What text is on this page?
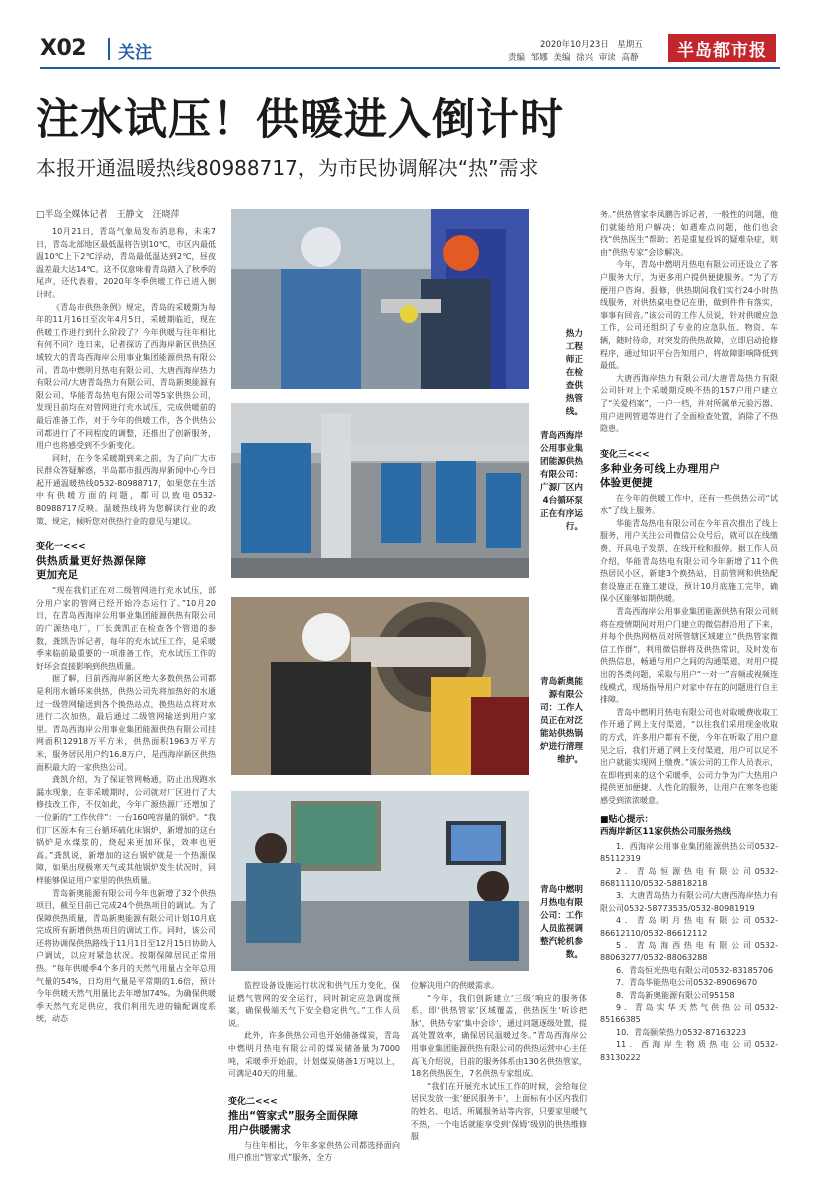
X02 关注	2020年10月23日　星期五
责编 邹娜 美编 徐兴 审读 高静	半岛都市报
注水试压！供暖进入倒计时
本报开通温暖热线80988717，为市民协调解决“热”需求
□半岛全媒体记者　王静文　汪晓萍

10月21日，青岛气象局发布消息称，未来7日，青岛北部地区最低温将告别10℃，市区内最低温10℃上下2℃浮动，青岛最低温达到2℃，昼夜温差最大达14℃。这不仅意味着青岛踏入了秋季的尾声，还代表着，2020年冬季供暖工作已进入倒计时。

《青岛市供热条例》规定，青岛的采暖期为每年的11月16日至次年4月5日，采暖期临近，现在供暖工作进行到什么阶段了？今年供暖与往年相比有何不同？连日来，记者探访了西海岸新区供热区域较大的青岛西海岸公用事业集团能源供热有限公司、青岛中燃明月热电有限公司、大唐西海岸热力有限公司/大唐青岛热力有限公司、青岛新奥能源有限公司、华能青岛热电有限公司等5家供热公司，发现目前均在对管网进行充水试压，完成供暖前的最后准备工作，对于今年的供暖工作，各个供热公司都进行了不同程度的调整，还推出了创新服务，用户也将感受到不少新变化。

同时，在今冬采暖期到来之前，为了向广大市民群众答疑解惑，半岛都市报西海岸新闻中心今日起开通温暖热线0532-80988717，如果您在生活中有供暖方面的问题，都可以致电0532-80988717反映。温暖热线将为您解读行业的政策、规定，倾听您对供热行业的意见与建议。

变化一<<<
供热质量更好热源保障更加充足

“现在我们正在对二级管网进行充水试压，部分用户家的管网已经开始冷态运行了。”10月20日，在青岛西海岸公用事业集团能源供热有限公司的广源热电厂，厂长龚凯正在检查各个管道的参数，龚凯告诉记者，每年的充水试压工作，是采暖季来临前最重要的一项准备工作，充水试压工作的好坏会直接影响到供热质量。

据了解，目前西海岸新区绝大多数供热公司都是利用水循环来供热，供热公司先将加热好的水通过一级管网输送到各个换热站点，换热站点将对水进行二次加热，最后通过二级管网输送到用户家里。青岛西海岸公用事业集团能源供热有限公司挂网面积12918万平方米，供热面积1963万平方米，服务居民用户约16.8万户，是西海岸新区供热面积最大的一家供热公司。

龚凯介绍，为了保证管网畅通，防止出现跑水漏水现象，在非采暖期时，公司就对厂区进行了大修技改工作，不仅如此，今年广源热源厂还增加了一位新的“工作伙伴”：一台160吨容量的锅炉。“我们厂区原本有三台循环硫化床锅炉，新增加的这台锅炉是水煤浆的，烧起来更加环保，效率也更高。”龚凯说，新增加的这台锅炉就是一个热源保障，如果出现极寒天气或其他锅炉发生状况时，同样能够保证用户家里的供热质量。

青岛新奥能源有限公司今年也新增了32个供热项目，截至目前已完成24个供热项目的调试。为了保障供热质量，青岛新奥能源有限公司计划10月底完成所有新增供热项目的调试工作。同时，该公司还将协调保供热路线于11月1日至12月15日协助入户调试，以应对紧急状况。按期保障居民正常用热。“每年供暖季4个多月的天然气用量占全年总用气量的54%，日均用气量是平常期的1.6倍，预计今年供暖天然气用量比去年增加74%。为确保供暖季天然气充足供应，我们利用先进的输配调度系统，动态

热力工程师正在检查供热管线。
青岛西海岸公用事业集团能源供热有限公司：广源厂区内4台循环泵正在有序运行。
青岛新奥能源有限公司：工作人员正在对泛能站供热锅炉进行清理维护。
青岛中燃明月热电有限公司：工作人员监视调整汽轮机参数。

监控设备设施运行状况和供气压力变化，保证燃气管网的安全运行，同时制定应急调度预案，确保极端天气下安全稳定供气。”工作人员说。

此外，许多供热公司也开始储备煤炭，青岛中燃明月热电有限公司的煤炭储备量为7000吨，采暖季开始前，计划煤炭储备1万吨以上，可满足40天的用量。

变化二<<<
推出“管家式”服务全面保障用户供暖需求

与往年相比，今年多家供热公司都选择面向用户推出“管家式”服务，全方

位解决用户的供暖需求。

“今年，我们创新建立‘三级’响应的服务体系，即‘供热管家’区域覆盖，供热医生‘听诊把脉’，供热专家‘集中会诊’，通过问题逐级处置，提高处置效率，确保居民温暖过冬。”青岛西海岸公用事业集团能源供热有限公司的供热运营中心主任高飞介绍说，目前的服务体系由130名供热管家，18名供热医生，7名供热专家组成。

“我们在开展充水试压工作的时候，会给每位居民发放一张‘便民服务卡’，上面标有小区内我们的姓名、电话、所属服务站等内容，只要家里暖气不热，一个电话就能享受到‘保姆’级别的供热维修服

务。”供热管家李凤鹏告诉记者，一般性的问题，他们就能给用户解决；如遇难点问题，他们也会找“供热医生”帮助；若是重复投诉的疑难杂症，则由“供热专家”会诊解决。

今年，青岛中燃明月热电有限公司还设立了客户服务大厅，为更多用户提供便捷服务。“为了方便用户咨询、报修，供热期间我们实行24小时热线服务，对供热桌电登记在册，做到件件有落实，事事有回音。”该公司的工作人员说，针对供暖应急工作，公司还组织了专业的应急队伍、物资、车辆，随时待命，对突发的供热故障，立即启动抢修程序，通过知识平台告知用户，将故障影响降低到最低。

大唐西海岸热力有限公司/大唐青岛热力有限公司针对上个采暖期反映不热的157户用户建立了“关爱档案”，一户一档，并对所属单元验污器、用户进网管道等进行了全面检查处置，消除了不热隐患。

变化三<<<
多种业务可线上办理用户体验更便捷

在今年的供暖工作中，还有一些供热公司“试水”了线上服务。

华能青岛热电有限公司在今年首次推出了线上服务，用户关注公司微信公众号后，就可以在线缴费、开具电子发票、在线开栓和报停。据工作人员介绍，华能青岛热电有限公司今年新增了11个供热居民小区，新建3个换热站，目前管网和供热配套设施正在施工建设，预计10月底施工完毕，确保小区能够如期供暖。

青岛西海岸公用事业集团能源供热有限公司则将在疫情期间对用户门建立的微信群沿用了下来，并每个供热网格员对所管辖区域建立“供热管家微信工作群”，利用微信群将及供热常识，及时发布供热信息，畅通与用户之间的沟通渠道，对用户提出的各类问题，采取与用户“一对一”音频或视频连线模式，现场指导用户对家中存在的问题进行自主排障。

青岛中燃明月热电有限公司也对取暖费收取工作开通了网上支付渠道，“以往我们采用现金收取的方式，许多用户都有不便，今年在听取了用户意见之后，我们开通了网上支付渠道，用户可以足不出户就能实现网上缴费。”该公司的工作人员表示，在即将到来的这个采暖季，公司力争为广大热用户提供更加便捷、人性化的服务，让用户在寒冬也能感受到浓浓暖意。

■贴心提示：
西海岸新区11家供热公司服务热线
1．西海岸公用事业集团能源供热公司0532-85112319
2．青岛恒源热电有限公司0532-86811110/0532-58818218
3．大唐青岛热力有限公司/大唐西海岸热力有限公司0532-58773535/0532-80981919
4．青岛明月热电有限公司0532-86612110/0532-86612112
5．青岛海西热电有限公司0532-88063277/0532-88063288
6．青岛恒光热电有限公司0532-83185706
7．青岛华能热电公司0532-89069670
8．青岛新奥能源有限公司95158
9．青岛实华天然气供热公司0532-85166385
10．青岛颐荣热力0532-87163223
11．西海岸生物质热电公司0532-83130222
